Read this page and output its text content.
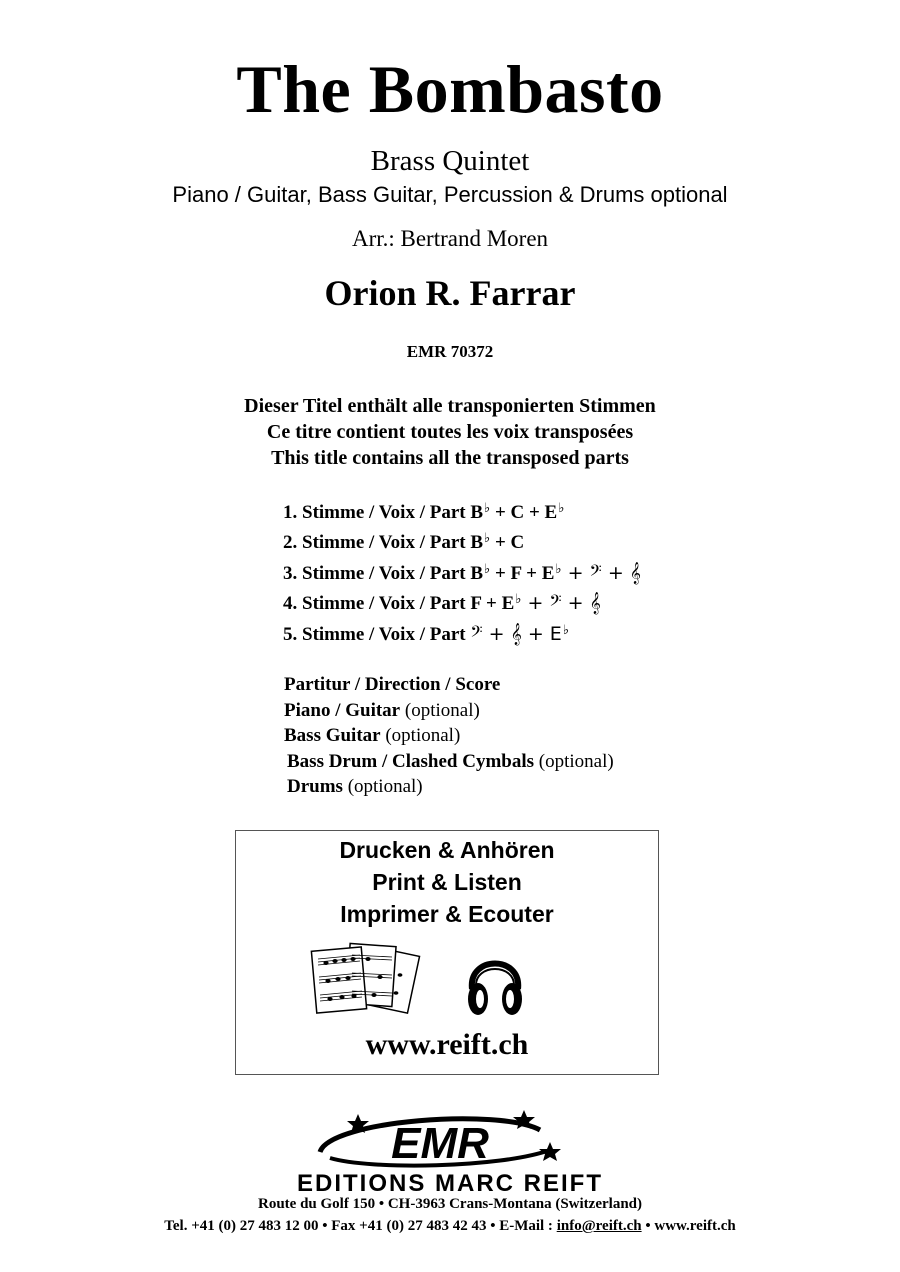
The Bombasto
Brass Quintet
Piano / Guitar, Bass Guitar, Percussion & Drums optional
Arr.: Bertrand Moren
Orion R. Farrar
EMR 70372
Dieser Titel enthält alle transponierten Stimmen
Ce titre contient toutes les voix transposées
This title contains all the transposed parts
1. Stimme / Voix / Part B♭ + C + E♭
2. Stimme / Voix / Part B♭ + C
3. Stimme / Voix / Part B♭ + F + E♭ + 𝄢 + 𝄞
4. Stimme / Voix / Part F + E♭ + 𝄢 + 𝄞
5. Stimme / Voix / Part 𝄢 + 𝄞 + E♭
Partitur / Direction / Score
Piano / Guitar (optional)
Bass Guitar (optional)
Bass Drum / Clashed Cymbals (optional)
Drums (optional)
Drucken & Anhören
Print & Listen
Imprimer & Ecouter
www.reift.ch
EMR
EDITIONS MARC REIFT
Route du Golf 150 • CH-3963 Crans-Montana (Switzerland)
Tel. +41 (0) 27 483 12 00 • Fax +41 (0) 27 483 42 43 • E-Mail : info@reift.ch • www.reift.ch
